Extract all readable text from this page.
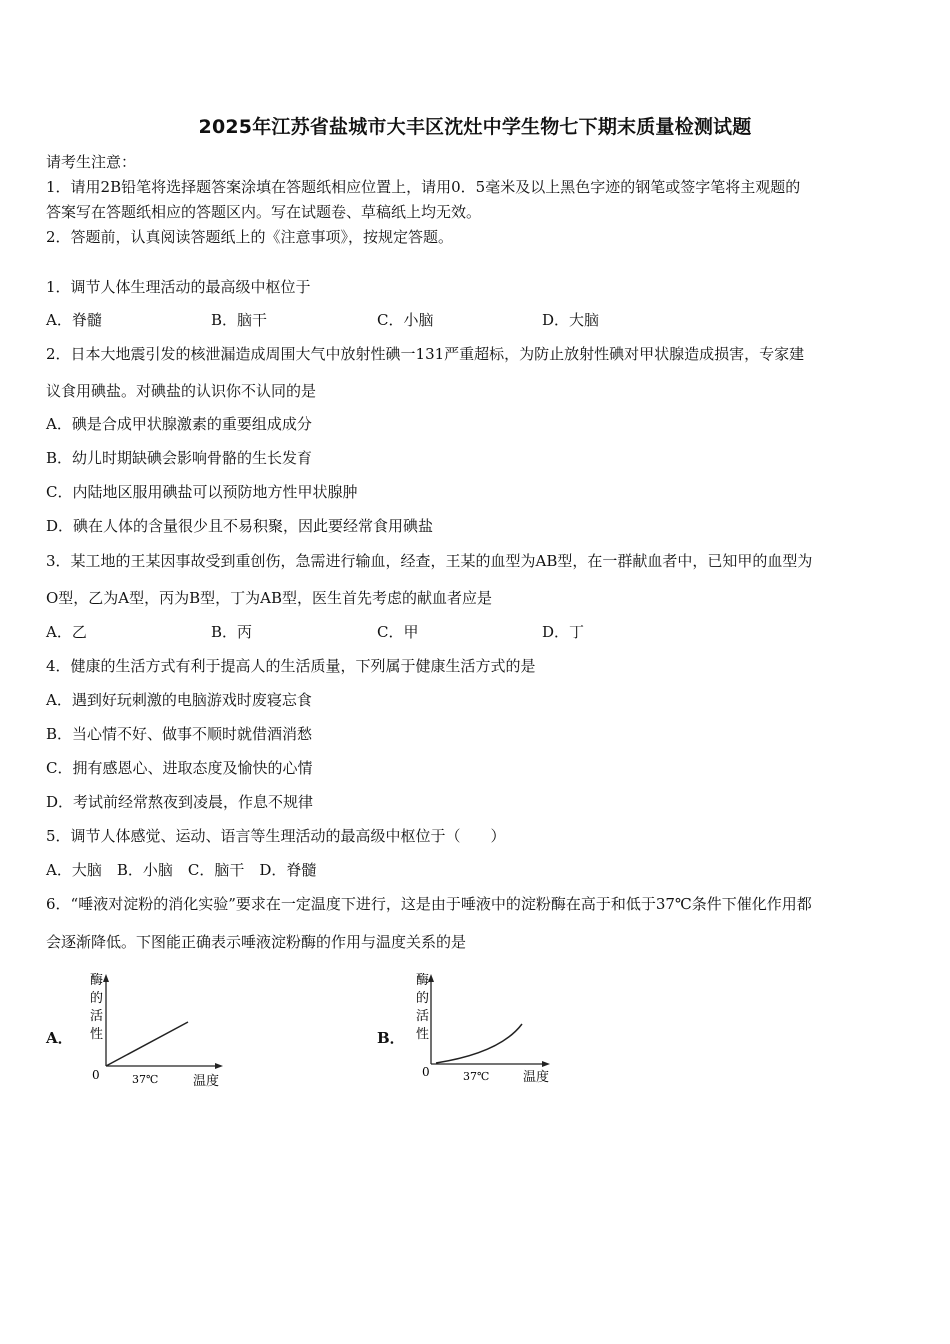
2025年江苏省盐城市大丰区沈灶中学生物七下期末质量检测试题
请考生注意：
1．请用2B铅笔将选择题答案涂填在答题纸相应位置上，请用0．5毫米及以上黑色字迹的钢笔或签字笔将主观题的
答案写在答题纸相应的答题区内。写在试题卷、草稿纸上均无效。
2．答题前，认真阅读答题纸上的《注意事项》，按规定答题。
1．调节人体生理活动的最高级中枢位于
A．脊髓	B．脑干	C．小脑	D．大脑
2．日本大地震引发的核泄漏造成周围大气中放射性碘一131严重超标，为防止放射性碘对甲状腺造成损害，专家建
议食用碘盐。对碘盐的认识你不认同的是
A．碘是合成甲状腺激素的重要组成成分
B．幼儿时期缺碘会影响骨骼的生长发育
C．内陆地区服用碘盐可以预防地方性甲状腺肿
D．碘在人体的含量很少且不易积聚，因此要经常食用碘盐
3．某工地的王某因事故受到重创伤，急需进行输血，经查，王某的血型为AB型，在一群献血者中，已知甲的血型为
O型，乙为A型，丙为B型，丁为AB型，医生首先考虑的献血者应是
A．乙	B．丙	C．甲	D．丁
4．健康的生活方式有利于提高人的生活质量，下列属于健康生活方式的是
A．遇到好玩刺激的电脑游戏时废寝忘食
B．当心情不好、做事不顺时就借酒消愁
C．拥有感恩心、进取态度及愉快的心情
D．考试前经常熬夜到凌晨，作息不规律
5．调节人体感觉、运动、语言等生理活动的最高级中枢位于（　　）
A．大脑　B．小脑　C．脑干　D．脊髓
6．“唾液对淀粉的消化实验”要求在一定温度下进行，这是由于唾液中的淀粉酶在高于和低于37℃条件下催化作用都
会逐渐降低。下图能正确表示唾液淀粉酶的作用与温度关系的是
A．
酶
的
活
性
0	37℃	温度
B．
酶
的
活
性
0	37℃	温度
